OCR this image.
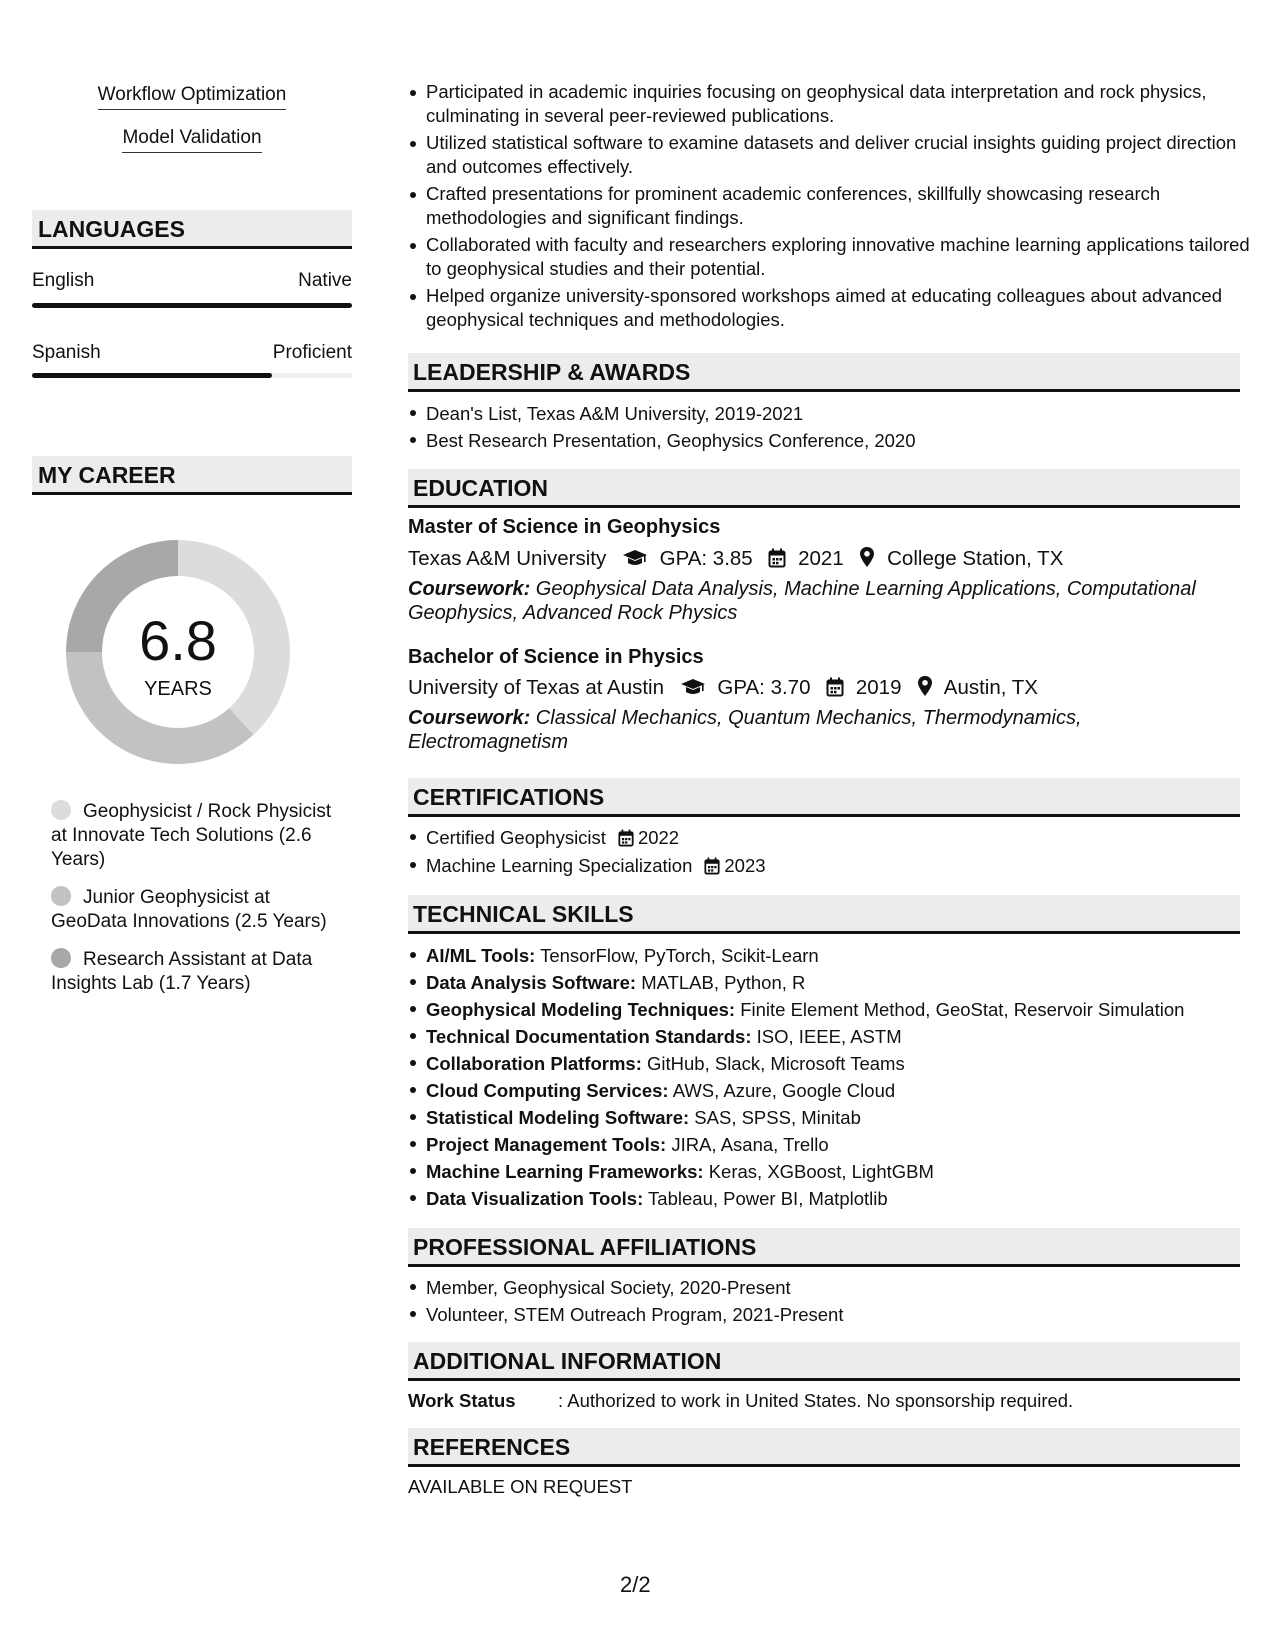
Workflow Optimization
Model Validation
LANGUAGES
English	Native
Spanish	Proficient
MY CAREER
6.8
YEARS
Geophysicist / Rock Physicist at Innovate Tech Solutions (2.6 Years)
Junior Geophysicist at GeoData Innovations (2.5 Years)
Research Assistant at Data Insights Lab (1.7 Years)
Participated in academic inquiries focusing on geophysical data interpretation and rock physics, culminating in several peer-reviewed publications.
Utilized statistical software to examine datasets and deliver crucial insights guiding project direction and outcomes effectively.
Crafted presentations for prominent academic conferences, skillfully showcasing research methodologies and significant findings.
Collaborated with faculty and researchers exploring innovative machine learning applications tailored to geophysical studies and their potential.
Helped organize university-sponsored workshops aimed at educating colleagues about advanced geophysical techniques and methodologies.
LEADERSHIP & AWARDS
Dean's List, Texas A&M University, 2019-2021
Best Research Presentation, Geophysics Conference, 2020
EDUCATION
Master of Science in Geophysics
Texas A&M University	GPA: 3.85 2021 College Station, TX
Coursework: Geophysical Data Analysis, Machine Learning Applications, Computational Geophysics, Advanced Rock Physics
Bachelor of Science in Physics
University of Texas at Austin	GPA: 3.70 2019 Austin, TX
Coursework: Classical Mechanics, Quantum Mechanics, Thermodynamics, Electromagnetism
CERTIFICATIONS
Certified Geophysicist 2022
Machine Learning Specialization 2023
TECHNICAL SKILLS
AI/ML Tools: TensorFlow, PyTorch, Scikit-Learn
Data Analysis Software: MATLAB, Python, R
Geophysical Modeling Techniques: Finite Element Method, GeoStat, Reservoir Simulation
Technical Documentation Standards: ISO, IEEE, ASTM
Collaboration Platforms: GitHub, Slack, Microsoft Teams
Cloud Computing Services: AWS, Azure, Google Cloud
Statistical Modeling Software: SAS, SPSS, Minitab
Project Management Tools: JIRA, Asana, Trello
Machine Learning Frameworks: Keras, XGBoost, LightGBM
Data Visualization Tools: Tableau, Power BI, Matplotlib
PROFESSIONAL AFFILIATIONS
Member, Geophysical Society, 2020-Present
Volunteer, STEM Outreach Program, 2021-Present
ADDITIONAL INFORMATION
Work Status : Authorized to work in United States. No sponsorship required.
REFERENCES
AVAILABLE ON REQUEST
2/2
